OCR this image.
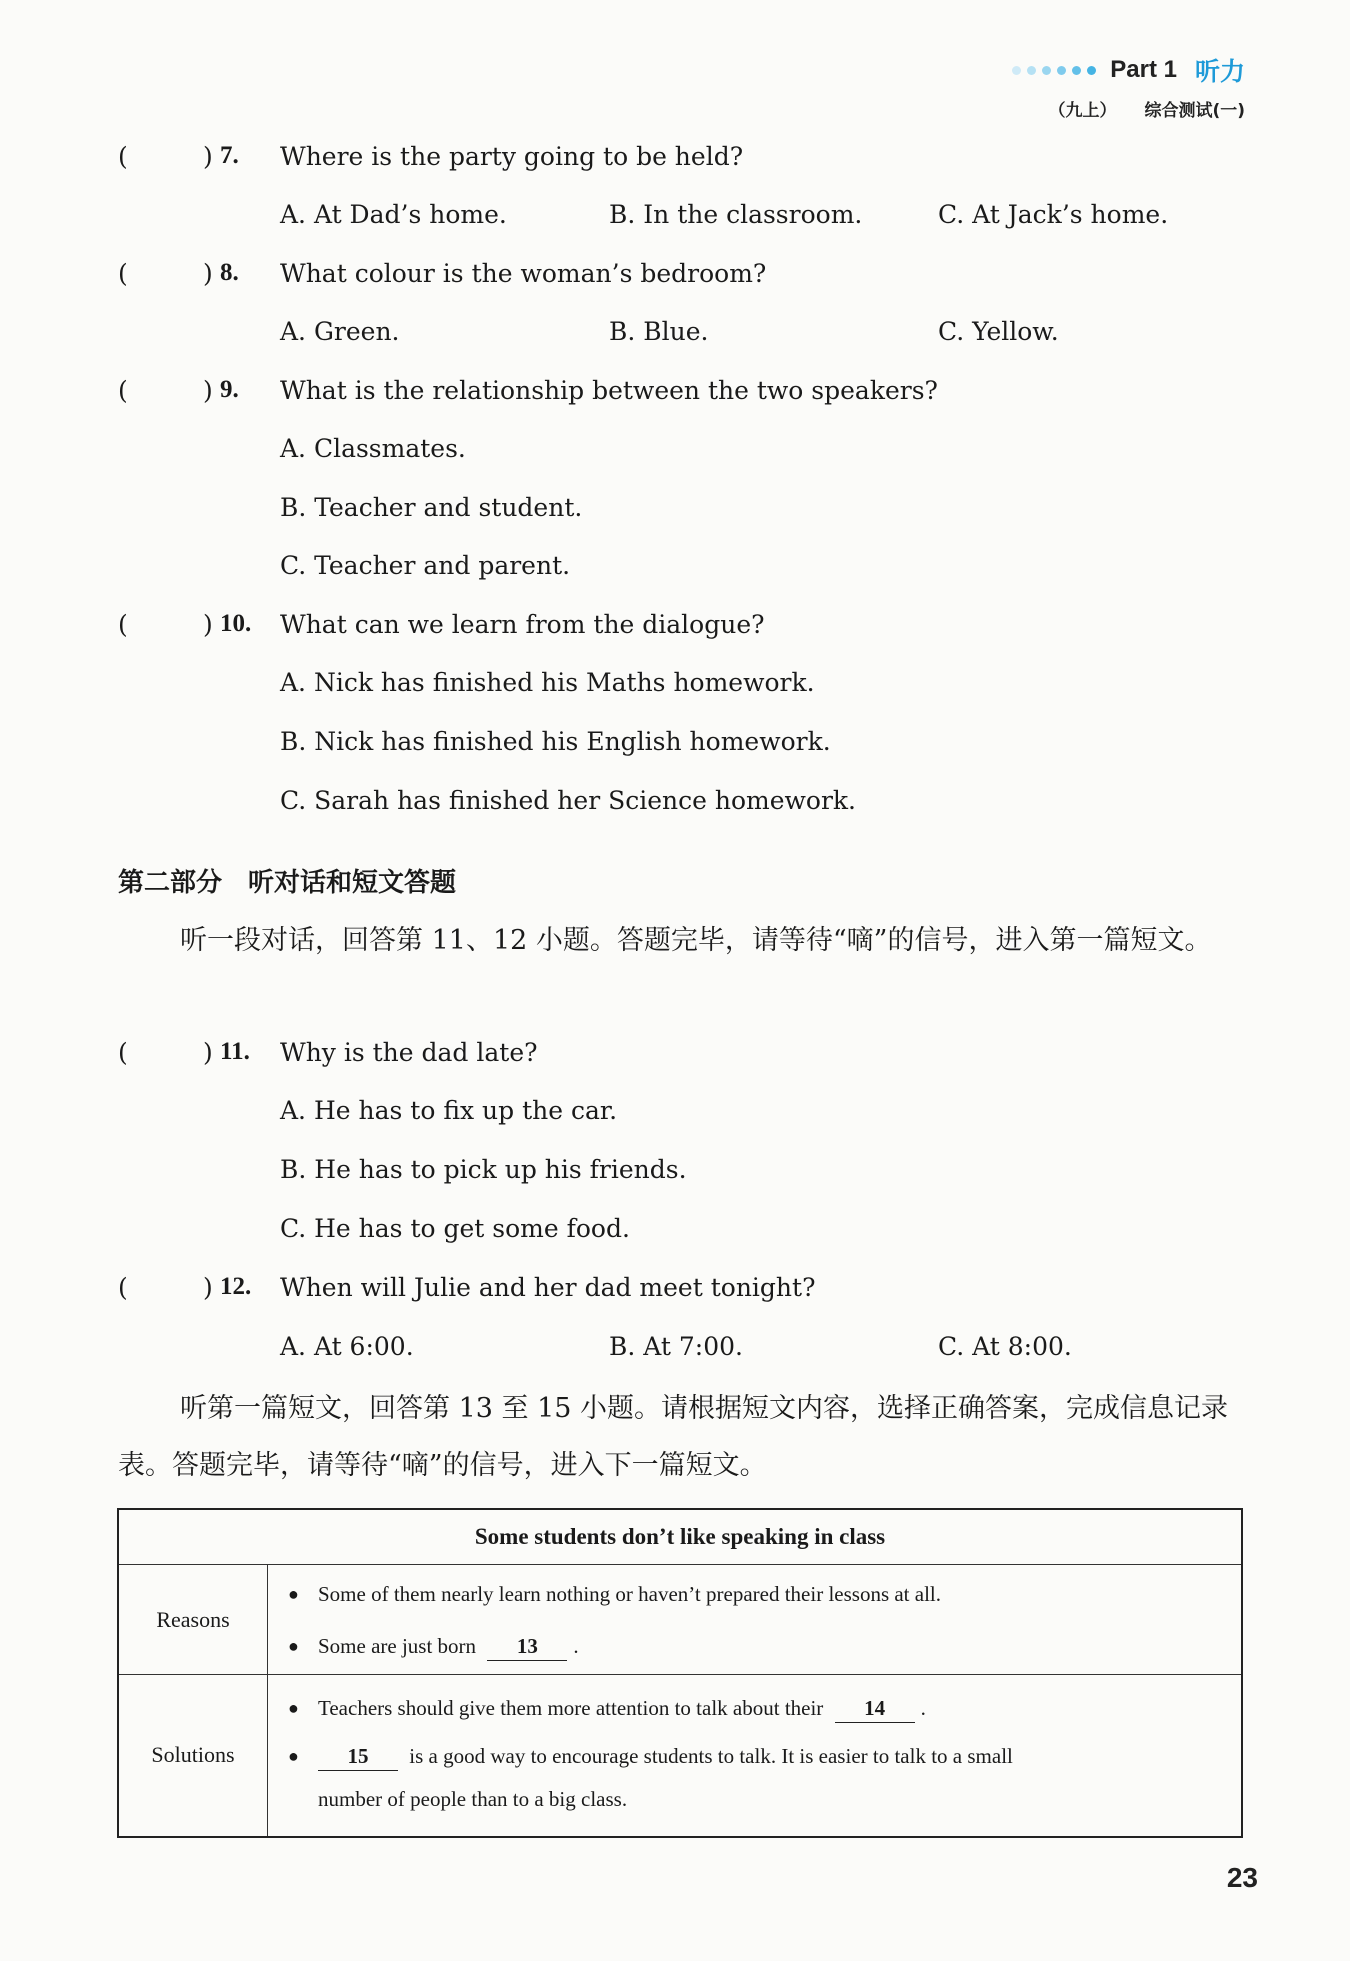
Part 1 听力
（九上） 综合测试(一)
(	) 7. Where is the party going to be held?
A. At Dad’s home.	B. In the classroom.	C. At Jack’s home.
(	) 8. What colour is the woman’s bedroom?
A. Green.	B. Blue.	C. Yellow.
(	) 9. What is the relationship between the two speakers?
A. Classmates.
B. Teacher and student.
C. Teacher and parent.
(	) 10. What can we learn from the dialogue?
A. Nick has finished his Maths homework.
B. Nick has finished his English homework.
C. Sarah has finished her Science homework.
第二部分　听对话和短文答题
听一段对话，回答第 11、12 小题。答题完毕，请等待“嘀”的信号，进入第一篇短文。
(	) 11. Why is the dad late?
A. He has to fix up the car.
B. He has to pick up his friends.
C. He has to get some food.
(	) 12. When will Julie and her dad meet tonight?
A. At 6:00.	B. At 7:00.	C. At 8:00.
听第一篇短文，回答第 13 至 15 小题。请根据短文内容，选择正确答案，完成信息记录表。答题完毕，请等待“嘀”的信号，进入下一篇短文。
Some students don’t like speaking in class	
Reasons	● Some of them nearly learn nothing or haven’t prepared their lessons at all.
● Some are just born 13 .

Solutions	● Teachers should give them more attention to talk about their 14 .
● 15 is a good way to encourage students to talk. It is easier to talk to a small
number of people than to a big class.
23
